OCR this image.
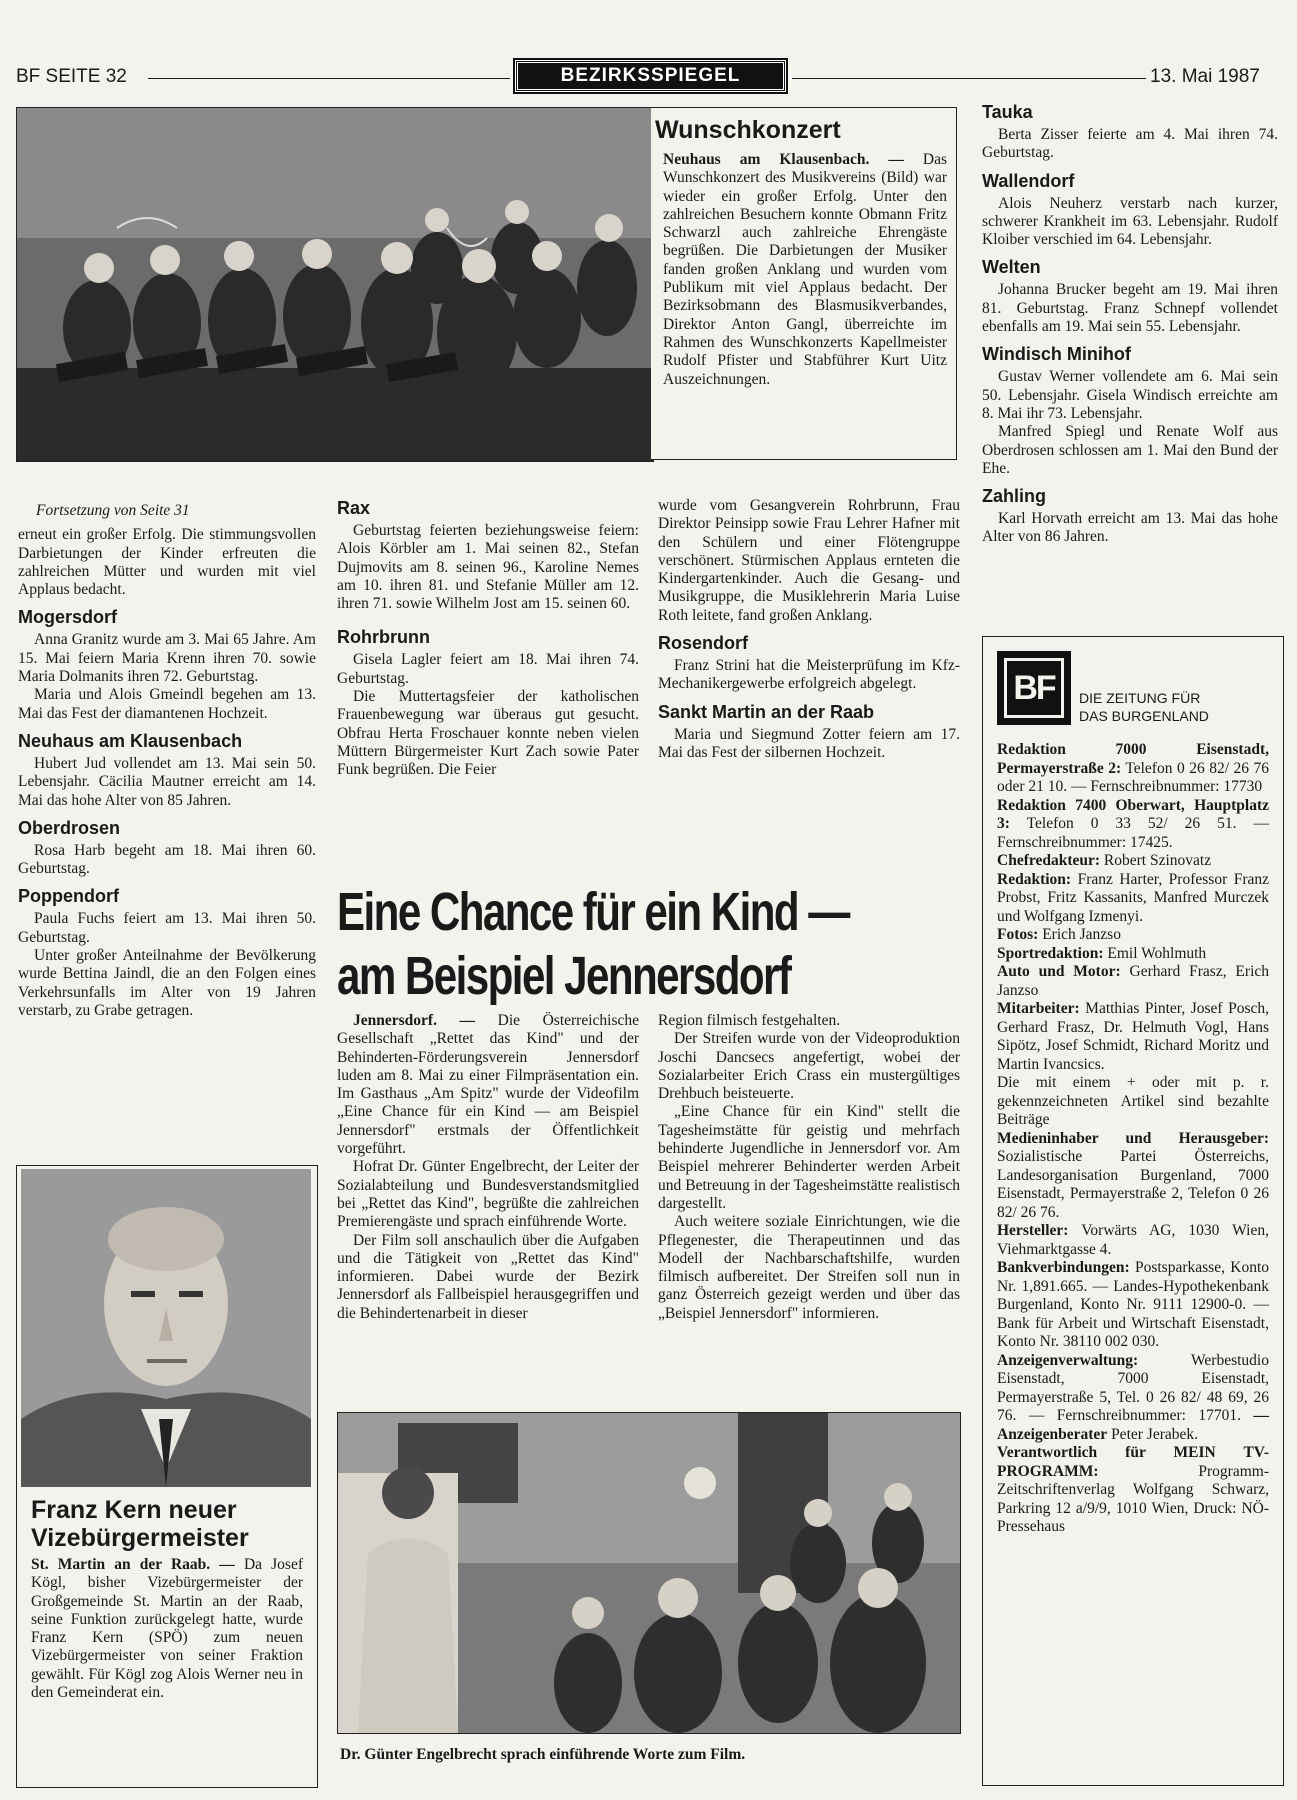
BF SEITE 32	BEZIRKSSPIEGEL	13. Mai 1987
Wunschkonzert

Neuhaus am Klausenbach. — Das Wunschkonzert des Musikvereins (Bild) war wieder ein großer Erfolg. Unter den zahlreichen Besuchern konnte Obmann Fritz Schwarzl auch zahlreiche Ehrengäste begrüßen. Die Darbietungen der Musiker fanden großen Anklang und wurden vom Publikum mit viel Applaus bedacht. Der Bezirksobmann des Blasmusikverbandes, Direktor Anton Gangl, überreichte im Rahmen des Wunschkonzerts Kapellmeister Rudolf Pfister und Stabführer Kurt Uitz Auszeichnungen.

Fortsetzung von Seite 31

erneut ein großer Erfolg. Die stimmungsvollen Darbietungen der Kinder erfreuten die zahlreichen Mütter und wurden mit viel Applaus bedacht.

Mogersdorf

Anna Granitz wurde am 3. Mai 65 Jahre. Am 15. Mai feiern Maria Krenn ihren 70. sowie Maria Dolmanits ihren 72. Geburtstag.

Maria und Alois Gmeindl begehen am 13. Mai das Fest der diamantenen Hochzeit.

Neuhaus am Klausenbach

Hubert Jud vollendet am 13. Mai sein 50. Lebensjahr. Cäcilia Mautner erreicht am 14. Mai das hohe Alter von 85 Jahren.

Oberdrosen

Rosa Harb begeht am 18. Mai ihren 60. Geburtstag.

Poppendorf

Paula Fuchs feiert am 13. Mai ihren 50. Geburtstag.

Unter großer Anteilnahme der Bevölkerung wurde Bettina Jaindl, die an den Folgen eines Verkehrsunfalls im Alter von 19 Jahren verstarb, zu Grabe getragen.

Rax

Geburtstag feierten beziehungsweise feiern: Alois Körbler am 1. Mai seinen 82., Stefan Dujmovits am 8. seinen 96., Karoline Nemes am 10. ihren 81. und Stefanie Müller am 12. ihren 71. sowie Wilhelm Jost am 15. seinen 60.

Rohrbrunn

Gisela Lagler feiert am 18. Mai ihren 74. Geburtstag.

Die Muttertagsfeier der katholischen Frauenbewegung war überaus gut gesucht. Obfrau Herta Froschauer konnte neben vielen Müttern Bürgermeister Kurt Zach sowie Pater Funk begrüßen. Die Feier

wurde vom Gesangverein Rohrbrunn, Frau Direktor Peinsipp sowie Frau Lehrer Hafner mit den Schülern und einer Flötengruppe verschönert. Stürmischen Applaus ernteten die Kindergartenkinder. Auch die Gesang- und Musikgruppe, die Musiklehrerin Maria Luise Roth leitete, fand großen Anklang.

Rosendorf

Franz Strini hat die Meisterprüfung im Kfz-Mechanikergewerbe erfolgreich abgelegt.

Sankt Martin an der Raab

Maria und Siegmund Zotter feiern am 17. Mai das Fest der silbernen Hochzeit.

Tauka

Berta Zisser feierte am 4. Mai ihren 74. Geburtstag.

Wallendorf

Alois Neuherz verstarb nach kurzer, schwerer Krankheit im 63. Lebensjahr. Rudolf Kloiber verschied im 64. Lebensjahr.

Welten

Johanna Brucker begeht am 19. Mai ihren 81. Geburtstag. Franz Schnepf vollendet ebenfalls am 19. Mai sein 55. Lebensjahr.

Windisch Minihof

Gustav Werner vollendete am 6. Mai sein 50. Lebensjahr. Gisela Windisch erreichte am 8. Mai ihr 73. Lebensjahr.

Manfred Spiegl und Renate Wolf aus Oberdrosen schlossen am 1. Mai den Bund der Ehe.

Zahling

Karl Horvath erreicht am 13. Mai das hohe Alter von 86 Jahren.

BF	DIE ZEITUNG FÜR
DAS BURGENLAND

Redaktion 7000 Eisenstadt, Permayerstraße 2: Telefon 0 26 82/ 26 76 oder 21 10. — Fernschreibnummer: 17730

Redaktion 7400 Oberwart, Hauptplatz 3: Telefon 0 33 52/ 26 51. — Fernschreibnummer: 17425.

Chefredakteur: Robert Szinovatz

Redaktion: Franz Harter, Professor Franz Probst, Fritz Kassanits, Manfred Murczek und Wolfgang Izmenyi.

Fotos: Erich Janzso

Sportredaktion: Emil Wohlmuth

Auto und Motor: Gerhard Frasz, Erich Janzso

Mitarbeiter: Matthias Pinter, Josef Posch, Gerhard Frasz, Dr. Helmuth Vogl, Hans Sipötz, Josef Schmidt, Richard Moritz und Martin Ivancsics.

Die mit einem + oder mit p. r. gekennzeichneten Artikel sind bezahlte Beiträge

Medieninhaber und Herausgeber: Sozialistische Partei Österreichs, Landesorganisation Burgenland, 7000 Eisenstadt, Permayerstraße 2, Telefon 0 26 82/ 26 76.

Hersteller: Vorwärts AG, 1030 Wien, Viehmarktgasse 4.

Bankverbindungen: Postsparkasse, Konto Nr. 1,891.665. — Landes-Hypothekenbank Burgenland, Konto Nr. 9111 12900-0. — Bank für Arbeit und Wirtschaft Eisenstadt, Konto Nr. 38110 002 030.

Anzeigenverwaltung:	Werbestudio Eisenstadt, 7000 Eisenstadt, Permayerstraße 5, Tel. 0 26 82/ 48 69, 26 76. — Fernschreibnummer: 17701. — Anzeigenberater Peter Jerabek.

Verantwortlich für MEIN TV-PROGRAMM:	Programm-Zeitschriftenverlag Wolfgang Schwarz, Parkring 12 a/9/9, 1010 Wien, Druck: NÖ-Pressehaus

Franz Kern neuer
Vizebürgermeister

St. Martin an der Raab. — Da Josef Kögl, bisher Vizebürgermeister der Großgemeinde St. Martin an der Raab, seine Funktion zurückgelegt hatte, wurde Franz Kern (SPÖ) zum neuen Vizebürgermeister von seiner Fraktion gewählt. Für Kögl zog Alois Werner neu in den Gemeinderat ein.

Eine Chance für ein Kind —
am Beispiel Jennersdorf

Jennersdorf. — Die Österreichische Gesellschaft „Rettet das Kind" und der Behinderten-Förderungsverein Jennersdorf luden am 8. Mai zu einer Filmpräsentation ein. Im Gasthaus „Am Spitz" wurde der Videofilm „Eine Chance für ein Kind — am Beispiel Jennersdorf" erstmals der Öffentlichkeit vorgeführt.

Hofrat Dr. Günter Engelbrecht, der Leiter der Sozialabteilung und Bundesverstandsmitglied bei „Rettet das Kind", begrüßte die zahlreichen Premierengäste und sprach einführende Worte.

Der Film soll anschaulich über die Aufgaben und die Tätigkeit von „Rettet das Kind" informieren. Dabei wurde der Bezirk Jennersdorf als Fallbeispiel herausgegriffen und die Behindertenarbeit in dieser

Region filmisch festgehalten.

Der Streifen wurde von der Videoproduktion Joschi Dancsecs angefertigt, wobei der Sozialarbeiter Erich Crass ein mustergültiges Drehbuch beisteuerte.

„Eine Chance für ein Kind" stellt die Tagesheimstätte für geistig und mehrfach behinderte Jugendliche in Jennersdorf vor. Am Beispiel mehrerer Behinderter werden Arbeit und Betreuung in der Tagesheimstätte realistisch dargestellt.

Auch weitere soziale Einrichtungen, wie die Pflegenester, die Therapeutinnen und das Modell der Nachbarschaftshilfe, wurden filmisch aufbereitet. Der Streifen soll nun in ganz Österreich gezeigt werden und über das „Beispiel Jennersdorf" informieren.

Dr. Günter Engelbrecht sprach einführende Worte zum Film.
